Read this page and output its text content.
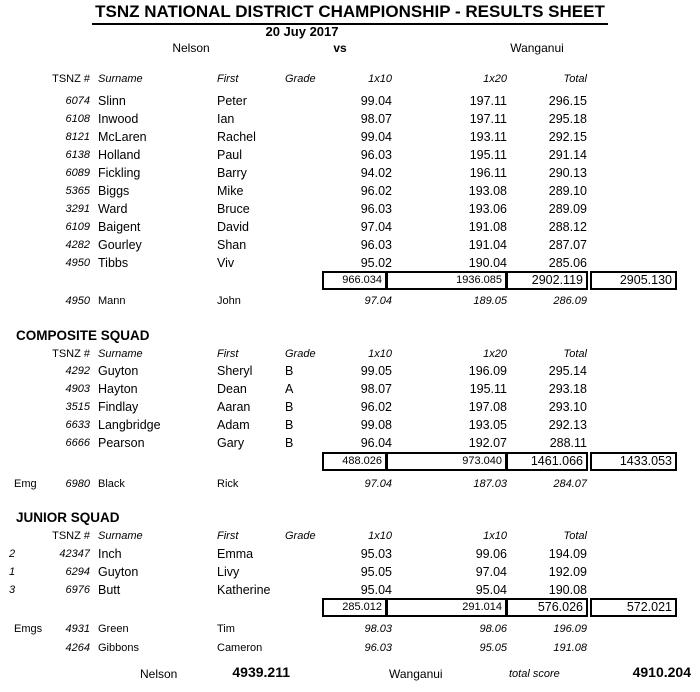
TSNZ NATIONAL DISTRICT CHAMPIONSHIP - RESULTS SHEET
20 Juy 2017
Nelson	vs	Wanganui
TSNZ # Surname	First	Grade	1x10	1x20	Total
6074 Slinn	Peter	99.04	197.11	296.15
6108 Inwood	Ian	98.07	197.11	295.18
8121 McLaren	Rachel	99.04	193.11	292.15
6138 Holland	Paul	96.03	195.11	291.14
6089 Fickling	Barry	94.02	196.11	290.13
5365 Biggs	Mike	96.02	193.08	289.10
3291 Ward	Bruce	96.03	193.06	289.09
6109 Baigent	David	97.04	191.08	288.12
4282 Gourley	Shan	96.03	191.04	287.07
4950 Tibbs	Viv	95.02	190.04	285.06
966.034	1936.085	2902.119	2905.130
4950 Mann	John	97.04	189.05	286.09
COMPOSITE SQUAD
TSNZ # Surname	First	Grade	1x10	1x20	Total
4292 Guyton	Sheryl	B	99.05	196.09	295.14
4903 Hayton	Dean	A	98.07	195.11	293.18
3515 Findlay	Aaran	B	96.02	197.08	293.10
6633 Langbridge	Adam	B	99.08	193.05	292.13
6666 Pearson	Gary	B	96.04	192.07	288.11
488.026	973.040	1461.066	1433.053
Emg	6980 Black	Rick	97.04	187.03	284.07
JUNIOR SQUAD
TSNZ # Surname	First	Grade	1x10	1x10	Total
2	42347 Inch	Emma	95.03	99.06	194.09
1	6294 Guyton	Livy	95.05	97.04	192.09
3	6976 Butt	Katherine	95.04	95.04	190.08
285.012	291.014	576.026	572.021
Emgs	4931 Green	Tim	98.03	98.06	196.09
4264 Gibbons	Cameron	96.03	95.05	191.08
Nelson	4939.211	Wanganui	total score	4910.204
